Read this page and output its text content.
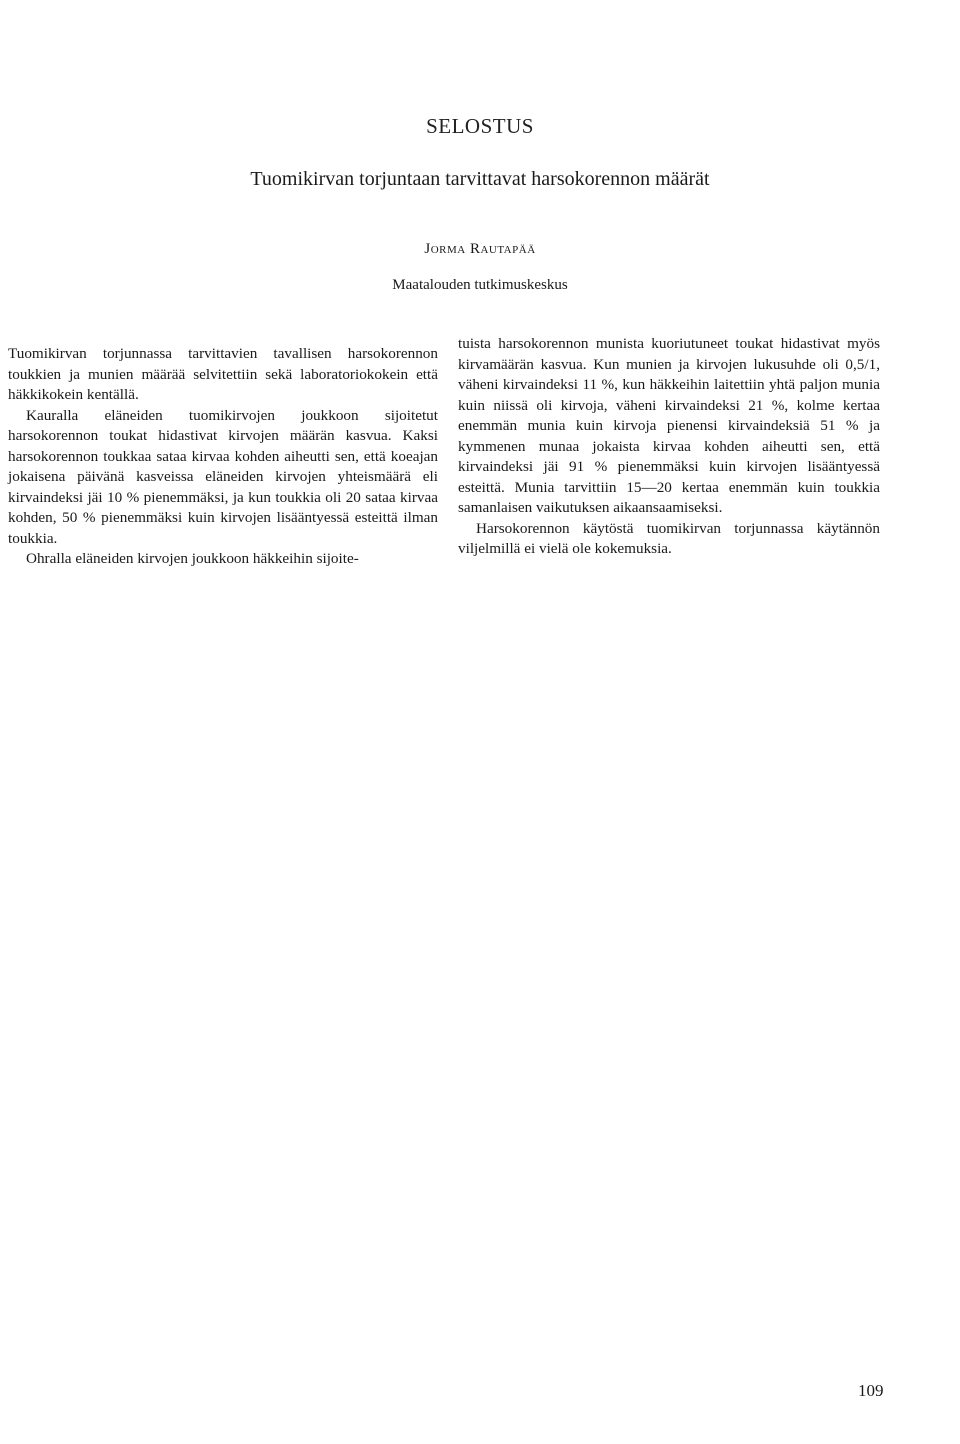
SELOSTUS
Tuomikirvan torjuntaan tarvittavat harsokorennon määrät
Jorma Rautapää
Maatalouden tutkimuskeskus

Tuomikirvan torjunnassa tarvittavien tavallisen harsokorennon toukkien ja munien määrää selvitettiin sekä laboratoriokokein että häkkikokein kentällä.

Kauralla eläneiden tuomikirvojen joukkoon sijoitetut harsokorennon toukat hidastivat kirvojen määrän kasvua. Kaksi harsokorennon toukkaa sataa kirvaa kohden aiheutti sen, että koeajan jokaisena päivänä kasveissa eläneiden kirvojen yhteismäärä eli kirvaindeksi jäi 10 % pienemmäksi, ja kun toukkia oli 20 sataa kirvaa kohden, 50 % pienemmäksi kuin kirvojen lisääntyessä esteittä ilman toukkia.

Ohralla eläneiden kirvojen joukkoon häkkeihin sijoite-

tuista harsokorennon munista kuoriutuneet toukat hidastivat myös kirvamäärän kasvua. Kun munien ja kirvojen lukusuhde oli 0,5/1, väheni kirvaindeksi 11 %, kun häkkeihin laitettiin yhtä paljon munia kuin niissä oli kirvoja, väheni kirvaindeksi 21 %, kolme kertaa enemmän munia kuin kirvoja pienensi kirvaindeksiä 51 % ja kymmenen munaa jokaista kirvaa kohden aiheutti sen, että kirvaindeksi jäi 91 % pienemmäksi kuin kirvojen lisääntyessä esteittä. Munia tarvittiin 15—20 kertaa enemmän kuin toukkia samanlaisen vaikutuksen aikaansaamiseksi.

Harsokorennon käytöstä tuomikirvan torjunnassa käytännön viljelmillä ei vielä ole kokemuksia.

109
